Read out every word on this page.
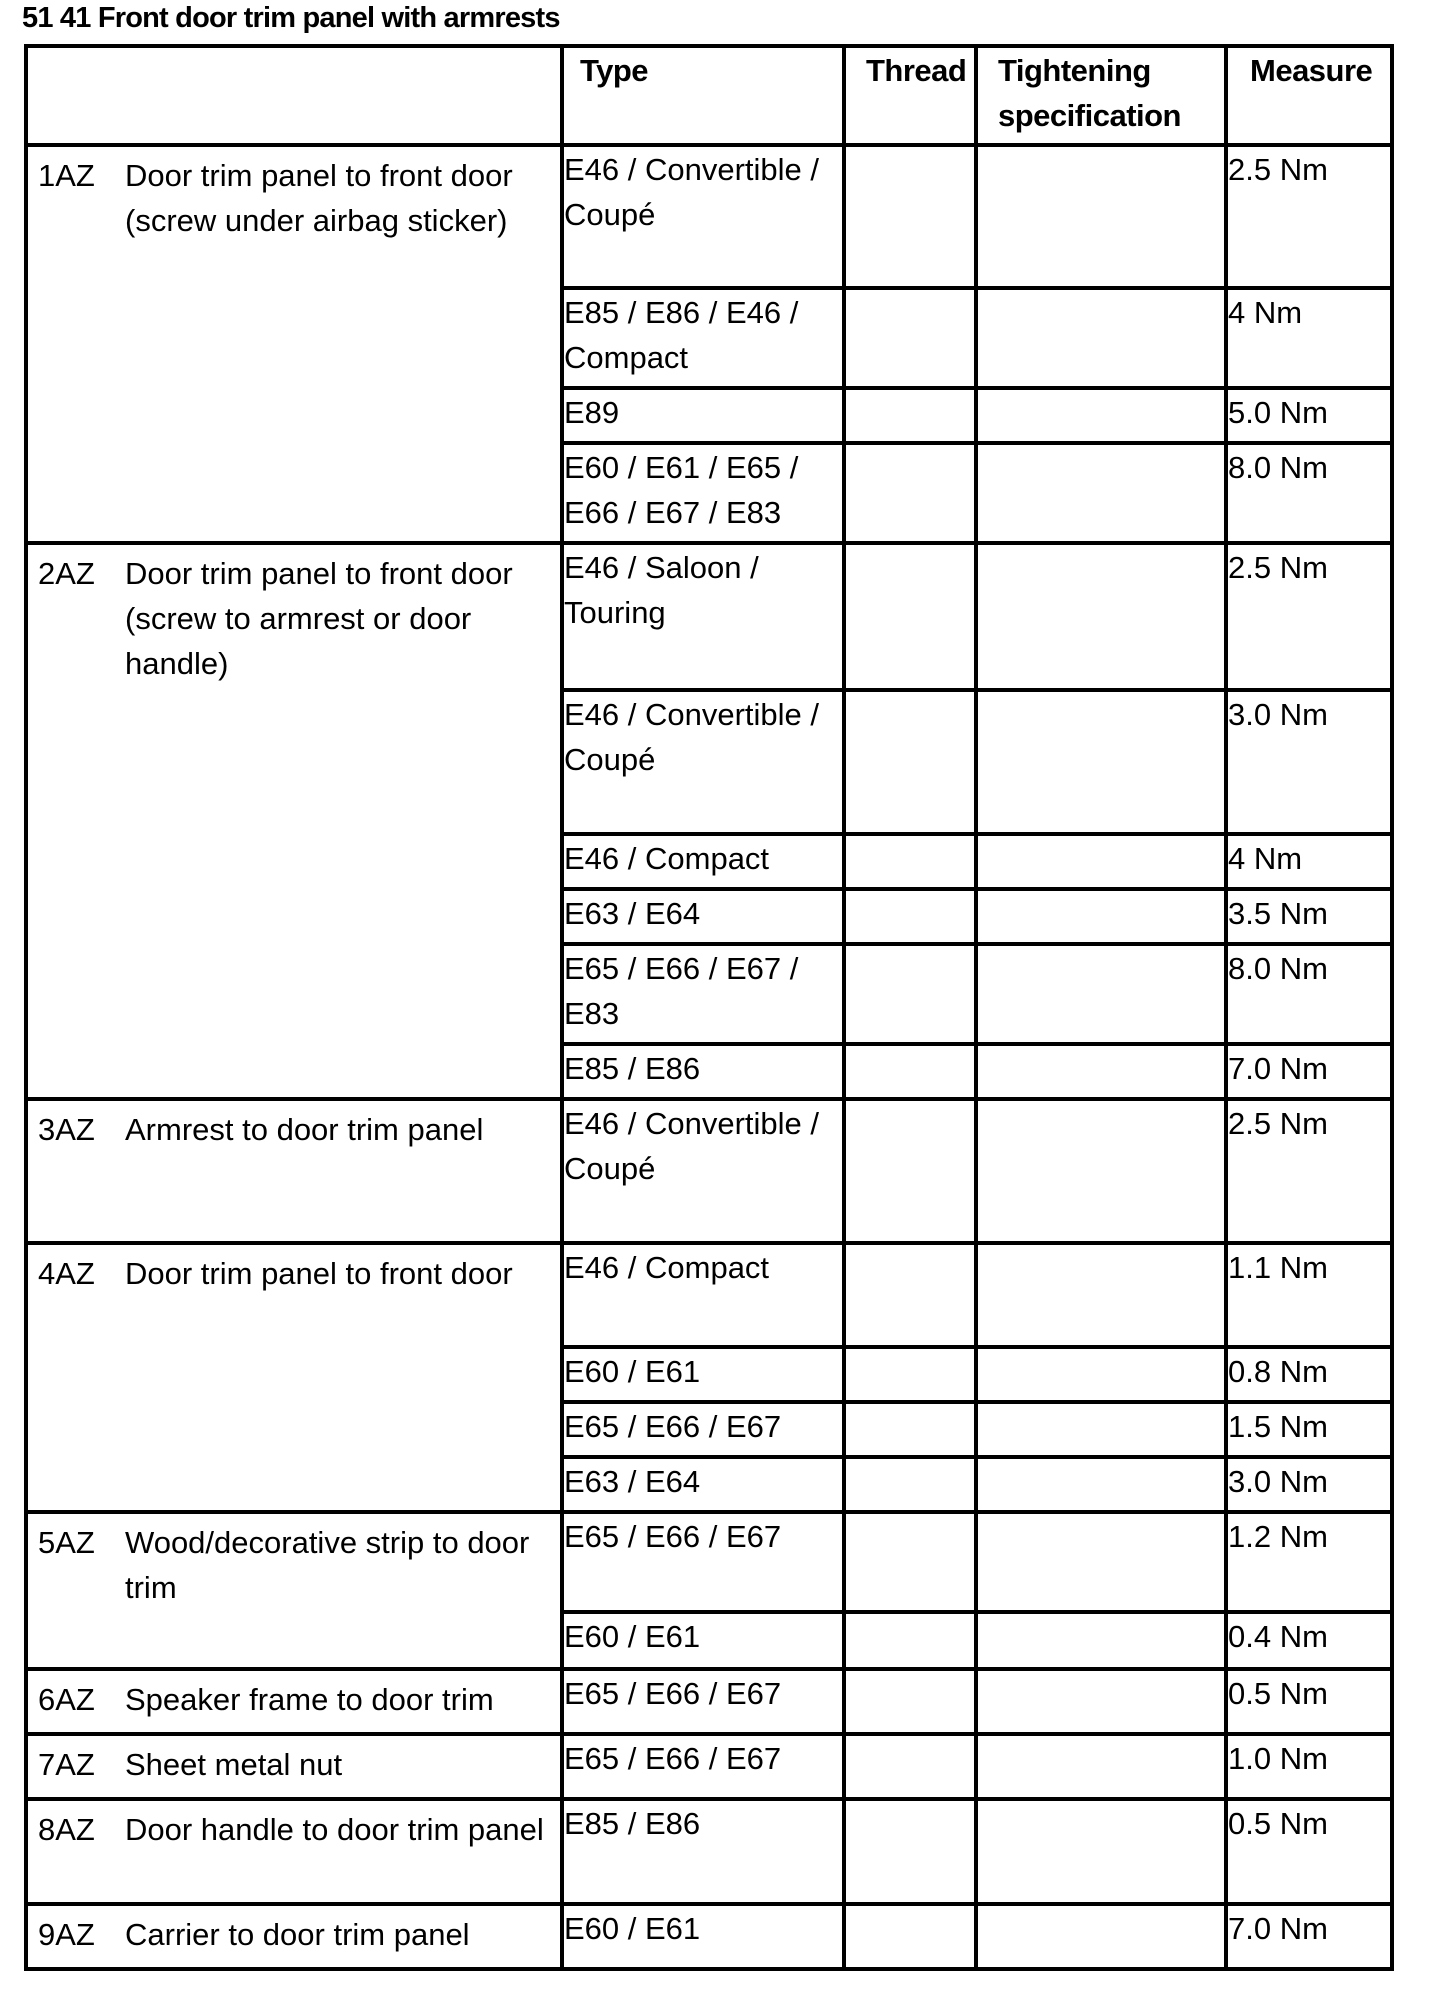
51 41 Front door trim panel with armrests
	Type	Thread	Tightening specification	Measure

1AZ Door trim panel to front door (screw under airbag sticker)	E46 / Convertible / Coupé			2.5 Nm
	E85 / E86 / E46 / Compact			4 Nm
	E89			5.0 Nm
	E60 / E61 / E65 / E66 / E67 / E83			8.0 Nm

2AZ Door trim panel to front door (screw to armrest or door handle)	E46 / Saloon / Touring			2.5 Nm
	E46 / Convertible / Coupé			3.0 Nm
	E46 / Compact			4 Nm
	E63 / E64			3.5 Nm
	E65 / E66 / E67 / E83			8.0 Nm
	E85 / E86			7.0 Nm

3AZ Armrest to door trim panel	E46 / Convertible / Coupé			2.5 Nm

4AZ Door trim panel to front door	E46 / Compact			1.1 Nm
	E60 / E61			0.8 Nm
	E65 / E66 / E67			1.5 Nm
	E63 / E64			3.0 Nm

5AZ Wood/decorative strip to door trim	E65 / E66 / E67			1.2 Nm
	E60 / E61			0.4 Nm

6AZ Speaker frame to door trim	E65 / E66 / E67			0.5 Nm

7AZ Sheet metal nut	E65 / E66 / E67			1.0 Nm

8AZ Door handle to door trim panel	E85 / E86			0.5 Nm

9AZ Carrier to door trim panel	E60 / E61			7.0 Nm
